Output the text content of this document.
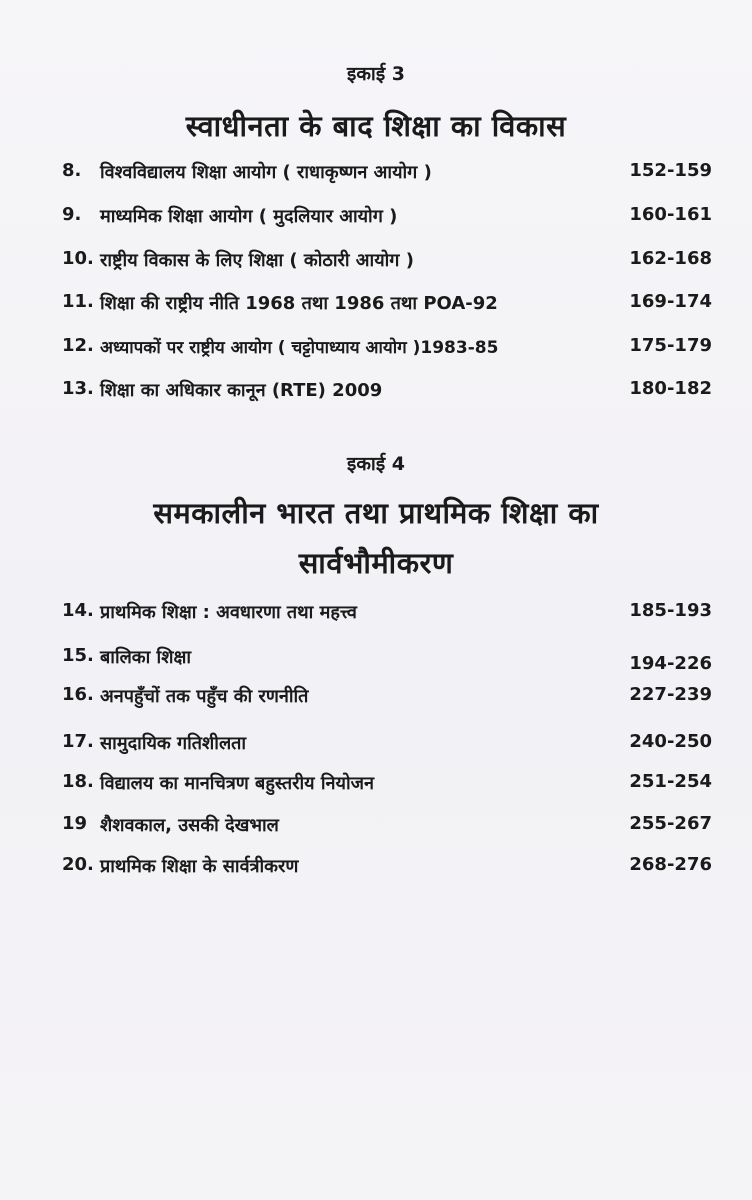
इकाई 3
स्वाधीनता के बाद शिक्षा का विकास
8. विश्वविद्यालय शिक्षा आयोग ( राधाकृष्णन आयोग )	152-159
9. माध्यमिक शिक्षा आयोग ( मुदलियार आयोग )	160-161
10. राष्ट्रीय विकास के लिए शिक्षा ( कोठारी आयोग )	162-168
11. शिक्षा की राष्ट्रीय नीति 1968 तथा 1986 तथा POA-92	169-174
12. अध्यापकों पर राष्ट्रीय आयोग ( चट्टोपाध्याय आयोग )1983-85	175-179
13. शिक्षा का अधिकार कानून (RTE) 2009	180-182
इकाई 4
समकालीन भारत तथा प्राथमिक शिक्षा का
सार्वभौमीकरण
14. प्राथमिक शिक्षा : अवधारणा तथा महत्त्व	185-193
15. बालिका शिक्षा	194-226
16. अनपहुँचों तक पहुँच की रणनीति	227-239
17. सामुदायिक गतिशीलता	240-250
18. विद्यालय का मानचित्रण बहुस्तरीय नियोजन	251-254
19 शैशवकाल, उसकी देखभाल	255-267
20. प्राथमिक शिक्षा के सार्वत्रीकरण	268-276
